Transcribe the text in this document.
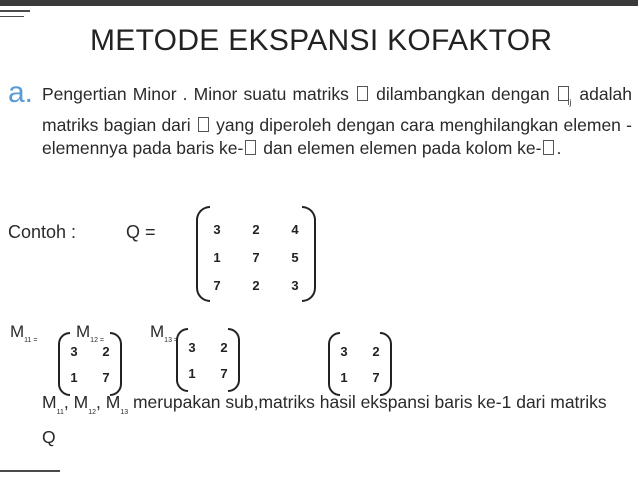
METODE EKSPANSI KOFAKTOR
a. Pengertian Minor . Minor suatu matriks dilambangkan dengan $_{ij}$ adalah matriks bagian dari yang diperoleh dengan cara menghilangkan elemen - elemennya pada baris ke- dan elemen elemen pada kolom ke- .
Contoh :	Q =	3	2	4
1	7	5
7	2	3
$M_{11 =}$ $M_{12 =}$	$M_{13 =}$
3	2
1	7
3	2
1	7
3	2
1	7
$M_{11}$, $M_{12}$, $M_{13}$ merupakan sub,matriks hasil ekspansi baris ke-1 dari matriks Q
